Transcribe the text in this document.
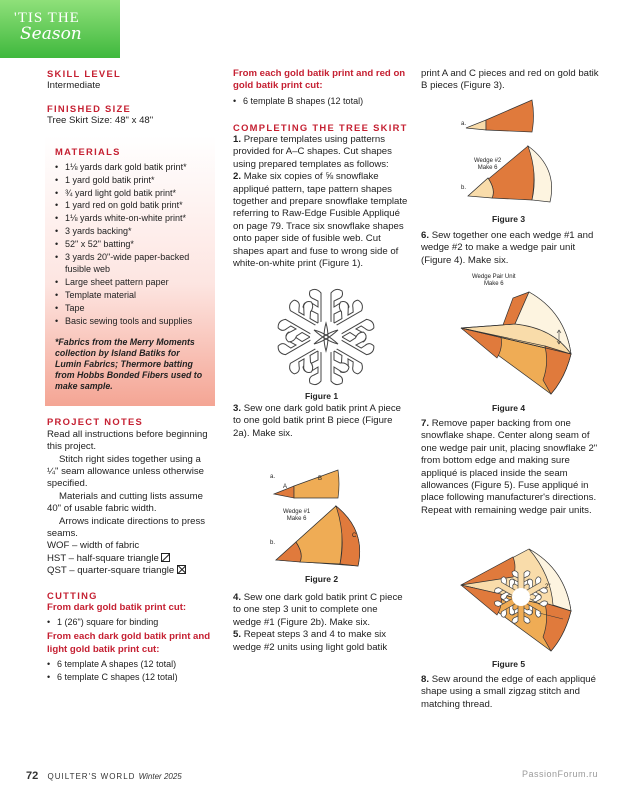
'TIS THE
Season
SKILL LEVEL

Intermediate

FINISHED SIZE

Tree Skirt Size: 48" x 48"

MATERIALS
• 1⅛ yards dark gold batik print*
• 1 yard gold batik print*
• ¾ yard light gold batik print*
• 1 yard red on gold batik print*
• 1⅛ yards white-on-white print*
• 3 yards backing*
• 52" x 52" batting*
• 3 yards 20"-wide paper-backed fusible web
• Large sheet pattern paper
• Template material
• Tape
• Basic sewing tools and supplies

*Fabrics from the Merry Moments collection by Island Batiks for Lumin Fabrics; Thermore batting from Hobbs Bonded Fibers used to make sample.

PROJECT NOTES

Read all instructions before beginning this project.

Stitch right sides together using a ¼" seam allowance unless otherwise specified.

Materials and cutting lists assume 40" of usable fabric width.

Arrows indicate directions to press seams.

WOF – width of fabric

HST – half-square triangle

QST – quarter-square triangle

CUTTING
From dark gold batik print cut:
• 1 (26") square for binding
From each dark gold batik print and light gold batik print cut:
• 6 template A shapes (12 total)
• 6 template C shapes (12 total)
From each gold batik print and red on gold batik print cut:
• 6 template B shapes (12 total)
COMPLETING THE TREE SKIRT

1. Prepare templates using patterns provided for A–C shapes. Cut shapes using prepared templates as follows:

2. Make six copies of ⅝ snowflake appliqué pattern, tape pattern shapes together and prepare snowflake template referring to Raw-Edge Fusible Appliqué on page 79. Trace six snowflake shapes onto paper side of fusible web. Cut shapes apart and fuse to wrong side of white-on-white print (Figure 1).

Figure 1

3. Sew one dark gold batik print A piece to one gold batik print B piece (Figure 2a). Make six.

a.
A
B
Wedge #1
Make 6
C
b.
Figure 2

4. Sew one dark gold batik print C piece to one step 3 unit to complete one wedge #1 (Figure 2b). Make six.

5. Repeat steps 3 and 4 to make six wedge #2 units using light gold batik

print A and C pieces and red on gold batik B pieces (Figure 3).

a.
Wedge #2
Make 6
b.
Figure 3

6. Sew together one each wedge #1 and wedge #2 to make a wedge pair unit (Figure 4). Make six.

Wedge Pair Unit
Make 6
Figure 4

7. Remove paper backing from one snowflake shape. Center along seam of one wedge pair unit, placing snowflake 2" from bottom edge and making sure appliqué is placed inside the seam allowances (Figure 5). Fuse appliqué in place following manufacturer's directions. Repeat with remaining wedge pair units.

2"
Figure 5

8. Sew around the edge of each appliqué shape using a small zigzag stitch and matching thread.

72 QUILTER'S WORLD Winter 2025	PassionForum.ru
